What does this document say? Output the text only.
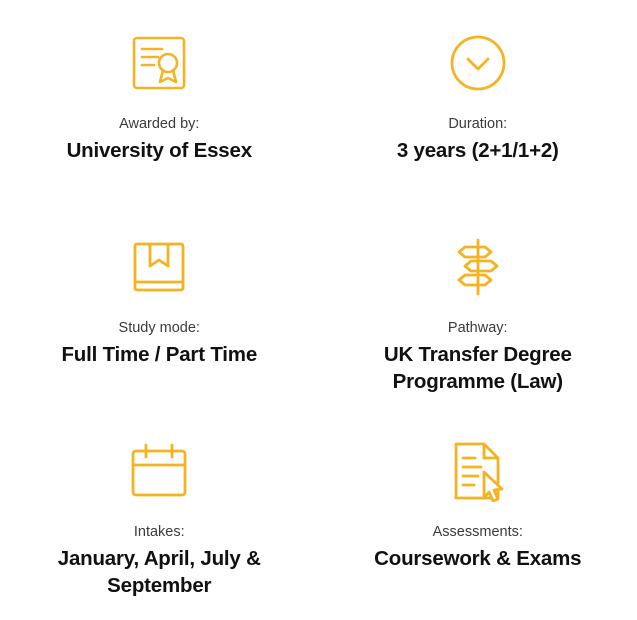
Awarded by:
University of Essex
Duration:
3 years (2+1/1+2)
Study mode:
Full Time / Part Time
Pathway:
UK Transfer Degree Programme (Law)
Intakes:
January, April, July & September
Assessments:
Coursework & Exams
